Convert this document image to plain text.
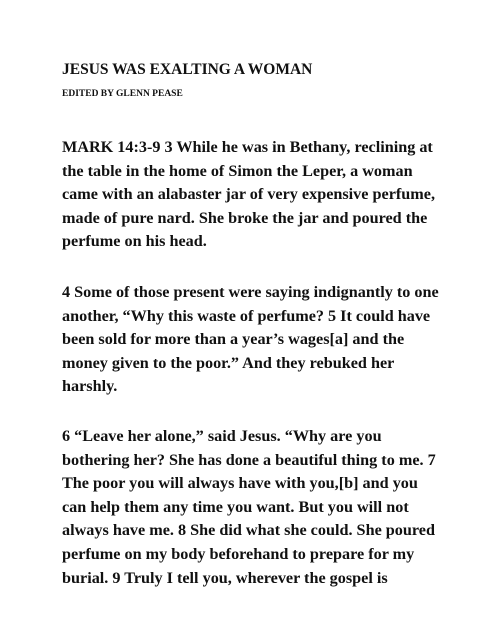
JESUS WAS EXALTING A WOMAN

EDITED BY GLENN PEASE

MARK 14:3-9 3 While he was in Bethany, reclining at
the table in the home of Simon the Leper, a woman
came with an alabaster jar of very expensive perfume,
made of pure nard. She broke the jar and poured the
perfume on his head.

4 Some of those present were saying indignantly to one
another, “Why this waste of perfume? 5 It could have
been sold for more than a year’s wages[a] and the
money given to the poor.” And they rebuked her
harshly.

6 “Leave her alone,” said Jesus. “Why are you
bothering her? She has done a beautiful thing to me. 7
The poor you will always have with you,[b] and you
can help them any time you want. But you will not
always have me. 8 She did what she could. She poured
perfume on my body beforehand to prepare for my
burial. 9 Truly I tell you, wherever the gospel is
